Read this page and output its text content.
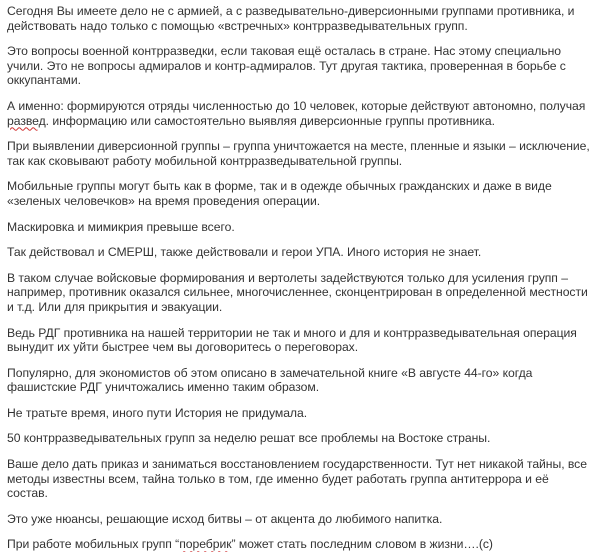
Сегодня Вы имеете дело не с армией, а с разведывательно-диверсионными группами противника, и действовать надо только с помощью «встречных» контрразведывательных групп.

Это вопросы военной контрразведки, если таковая ещё осталась в стране. Нас этому специально учили. Это не вопросы адмиралов и контр-адмиралов. Тут другая тактика, проверенная в борьбе с оккупантами.

А именно: формируются отряды численностью до 10 человек, которые действуют автономно, получая развед. информацию или самостоятельно выявляя диверсионные группы противника.

При выявлении диверсионной группы – группа уничтожается на месте, пленные и языки – исключение, так как сковывают работу мобильной контрразведывательной группы.

Мобильные группы могут быть как в форме, так и в одежде обычных гражданских и даже в виде «зеленых человечков» на время проведения операции.

Маскировка и мимикрия превыше всего.

Так действовал и СМЕРШ, также действовали и герои УПА. Иного история не знает.

В таком случае войсковые формирования и вертолеты задействуются только для усиления групп – например, противник оказался сильнее, многочисленнее, сконцентрирован в определенной местности и т.д. Или для прикрытия и эвакуации.

Ведь РДГ противника на нашей территории не так и много и для и контрразведывательная операция вынудит их уйти быстрее чем вы договоритесь о переговорах.

Популярно, для экономистов об этом описано в замечательной книге «В августе 44-го» когда фашистские РДГ уничтожались именно таким образом.

Не тратьте время, иного пути История не придумала.

50 контрразведывательных групп за неделю решат все проблемы на Востоке страны.

Ваше дело дать приказ и заниматься восстановлением государственности. Тут нет никакой тайны, все методы известны всем, тайна только в том, где именно будет работать группа антитеррора и её состав.

Это уже нюансы, решающие исход битвы – от акцента до любимого напитка.

При работе мобильных групп “поребрик” может стать последним словом в жизни….(с)
